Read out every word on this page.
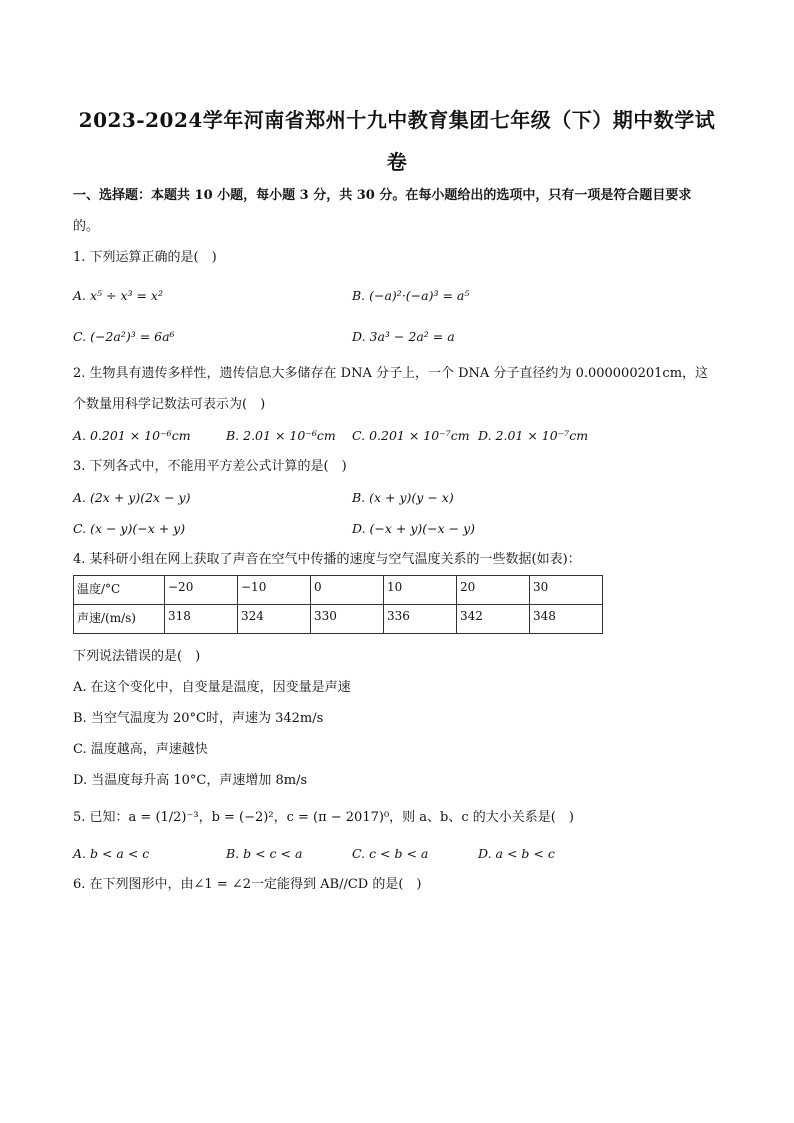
2023-2024学年河南省郑州十九中教育集团七年级（下）期中数学试
卷
一、选择题：本题共 10 小题，每小题 3 分，共 30 分。在每小题给出的选项中，只有一项是符合题目要求
的。
1. 下列运算正确的是(　)
A. x⁵ ÷ x³ = x²	B. (−a)²·(−a)³ = a⁵
C. (−2a²)³ = 6a⁶	D. 3a³ − 2a² = a
2. 生物具有遗传多样性，遗传信息大多储存在 DNA 分子上，一个 DNA 分子直径约为 0.000000201cm，这
个数量用科学记数法可表示为(　)
A. 0.201 × 10⁻⁶cm	B. 2.01 × 10⁻⁶cm C. 0.201 × 10⁻⁷cm D. 2.01 × 10⁻⁷cm
3. 下列各式中，不能用平方差公式计算的是(　)
A. (2x + y)(2x − y)	B. (x + y)(y − x)
C. (x − y)(−x + y)	D. (−x + y)(−x − y)
4. 某科研小组在网上获取了声音在空气中传播的速度与空气温度关系的一些数据(如表)：
温度/°C	−20	−10	0	10	20	30
声速/(m/s)	318	324	330	336	342	348
下列说法错误的是(　)
A. 在这个变化中，自变量是温度，因变量是声速
B. 当空气温度为 20°C时，声速为 342m/s
C. 温度越高，声速越快
D. 当温度每升高 10°C，声速增加 8m/s
5. 已知：a = (1/2)⁻³，b = (−2)²，c = (π − 2017)⁰，则 a、b、c 的大小关系是(　)
A. b < a < c	B. b < c < a	C. c < b < a	D. a < b < c
6. 在下列图形中，由∠1 = ∠2一定能得到 AB//CD 的是(　)
